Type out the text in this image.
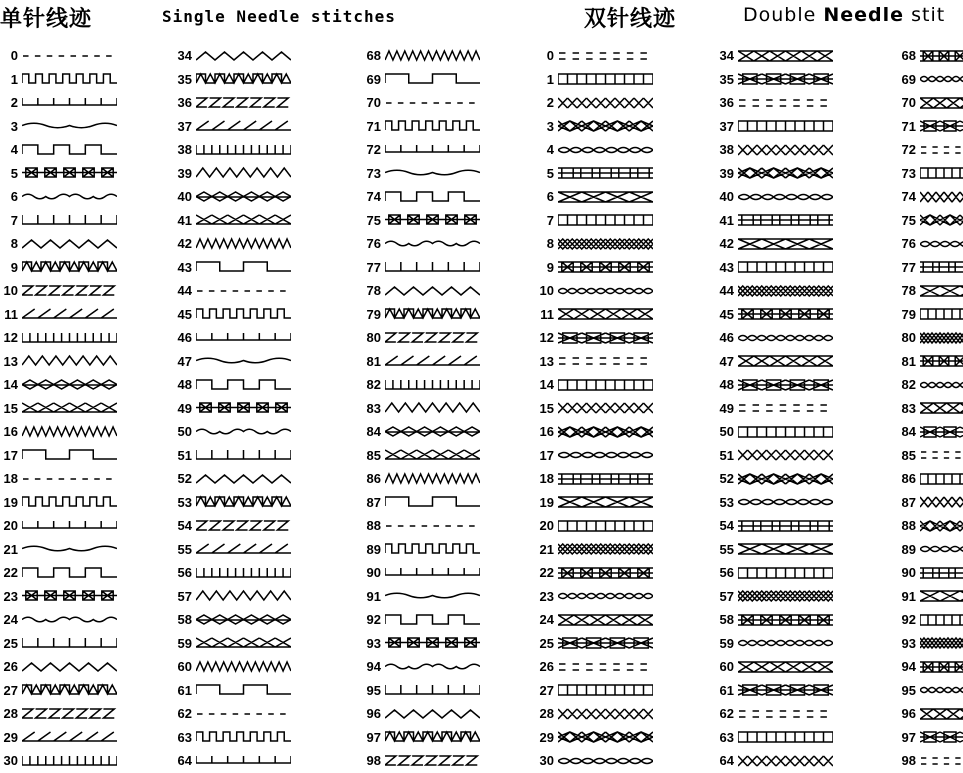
单针线迹	Single Needle stitches	双针线迹	Double Needle stit
0
1
2
3
4
5
6
7
8
9
10
11
12
13
14
15
16
17
18
19
20
21
22
23
24
25
26
27
28
29
30
34
35
36
37
38
39
40
41
42
43
44
45
46
47
48
49
50
51
52
53
54
55
56
57
58
59
60
61
62
63
64
68
69
70
71
72
73
74
75
76
77
78
79
80
81
82
83
84
85
86
87
88
89
90
91
92
93
94
95
96
97
98
0
1
2
3
4
5
6
7
8
9
10
11
12
13
14
15
16
17
18
19
20
21
22
23
24
25
26
27
28
29
30
34
35
36
37
38
39
40
41
42
43
44
45
46
47
48
49
50
51
52
53
54
55
56
57
58
59
60
61
62
63
64
68
69
70
71
72
73
74
75
76
77
78
79
80
81
82
83
84
85
86
87
88
89
90
91
92
93
94
95
96
97
98
